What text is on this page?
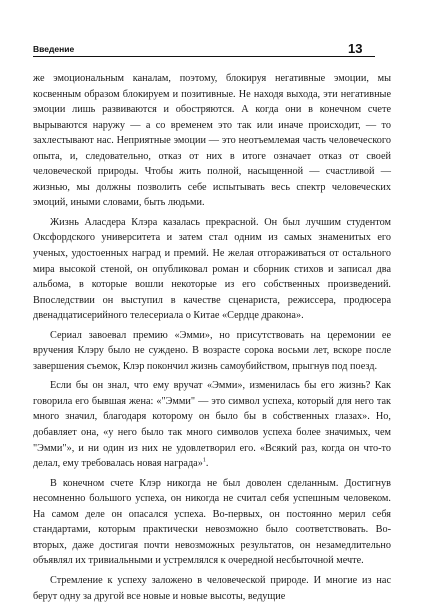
Введение	13

же эмоциональным каналам, поэтому, блокируя негативные эмоции, мы косвенным образом блокируем и позитивные. Не находя выхода, эти негативные эмоции лишь развиваются и обостряются. А когда они в конечном счете вырываются наружу — а со временем это так или иначе происходит, — то захлестывают нас. Неприятные эмоции — это неотъемлемая часть человеческого опыта, и, следовательно, отказ от них в итоге означает отказ от своей человеческой природы. Чтобы жить полной, насыщенной — счастливой — жизнью, мы должны позволить себе испытывать весь спектр человеческих эмоций, иными словами, быть людьми.

Жизнь Аласдера Клэра казалась прекрасной. Он был лучшим студентом Оксфордского университета и затем стал одним из самых знаменитых его ученых, удостоенных наград и премий. Не желая отгораживаться от остального мира высокой стеной, он опубликовал роман и сборник стихов и записал два альбома, в которые вошли некоторые из его собственных произведений. Впоследствии он выступил в качестве сценариста, режиссера, продюсера двенадцатисерийного телесериала о Китае «Сердце дракона».

Сериал завоевал премию «Эмми», но присутствовать на церемонии ее вручения Клэру было не суждено. В возрасте сорока восьми лет, вскоре после завершения съемок, Клэр покончил жизнь самоубийством, прыгнув под поезд.

Если бы он знал, что ему вручат «Эмми», изменилась бы его жизнь? Как говорила его бывшая жена: «"Эмми" — это символ успеха, который для него так много значил, благодаря которому он было бы в собственных глазах». Но, добавляет она, «у него было так много символов успеха более значимых, чем "Эмми"», и ни один из них не удовлетворил его. «Всякий раз, когда он что-то делал, ему требовалась новая награда»$^1$.

В конечном счете Клэр никогда не был доволен сделанным. Достигнув несомненно большого успеха, он никогда не считал себя успешным человеком. На самом деле он опасался успеха. Во-первых, он постоянно мерил себя стандартами, которым практически невозможно было соответствовать. Во-вторых, даже достигая почти невозможных результатов, он незамедлительно объявлял их тривиальными и устремлялся к очередной несбыточной мечте.

Стремление к успеху заложено в человеческой природе. И многие из нас берут одну за другой все новые и новые высоты, ведущие
